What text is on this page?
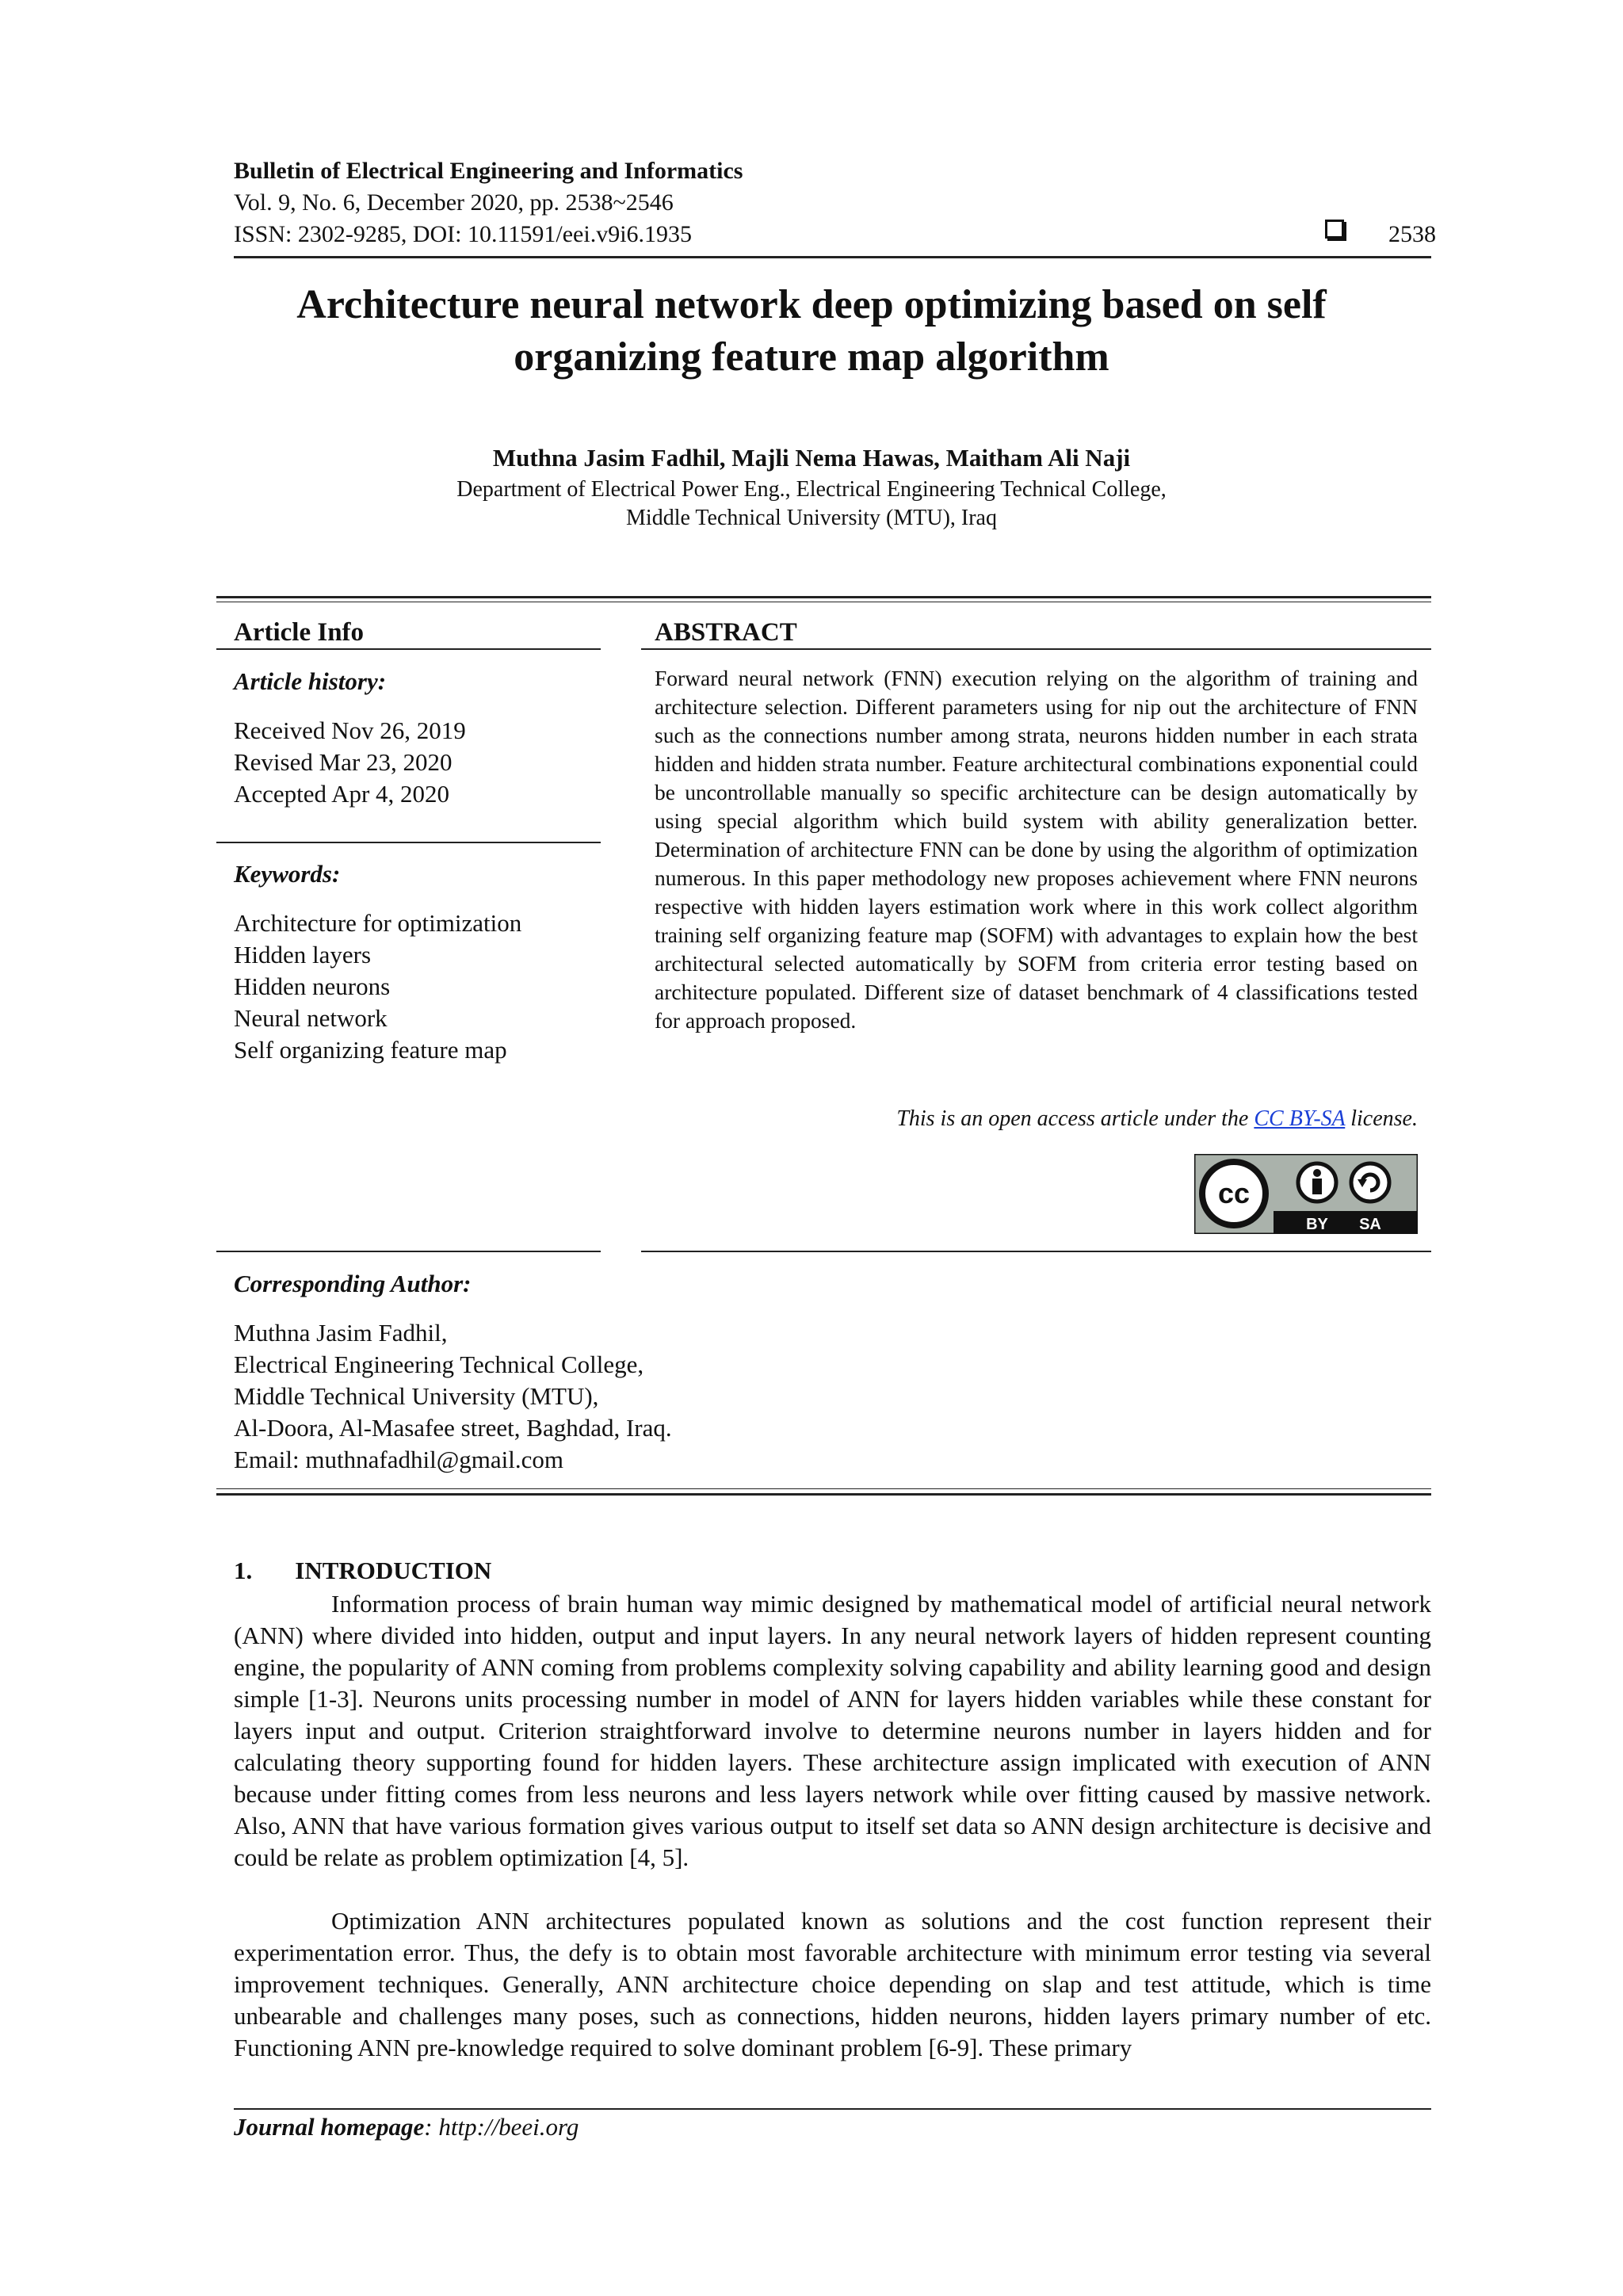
Bulletin of Electrical Engineering and Informatics
Vol. 9, No. 6, December 2020, pp. 2538~2546
ISSN: 2302-9285, DOI: 10.11591/eei.v9i6.1935	2538
Architecture neural network deep optimizing based on self
organizing feature map algorithm
Muthna Jasim Fadhil, Majli Nema Hawas, Maitham Ali Naji
Department of Electrical Power Eng., Electrical Engineering Technical College,
Middle Technical University (MTU), Iraq
Article Info
Article history:
Received Nov 26, 2019
Revised Mar 23, 2020
Accepted Apr 4, 2020
Keywords:
Architecture for optimization
Hidden layers
Hidden neurons
Neural network
Self organizing feature map
ABSTRACT
Forward neural network (FNN) execution relying on the algorithm of training and architecture selection. Different parameters using for nip out the architecture of FNN such as the connections number among strata, neurons hidden number in each strata hidden and hidden strata number. Feature architectural combinations exponential could be uncontrollable manually so specific architecture can be design automatically by using special algorithm which build system with ability generalization better. Determination of architecture FNN can be done by using the algorithm of optimization numerous. In this paper methodology new proposes achievement where FNN neurons respective with hidden layers estimation work where in this work collect algorithm training self organizing feature map (SOFM) with advantages to explain how the best architectural selected automatically by SOFM from criteria error testing based on architecture populated. Different size of dataset benchmark of 4 classifications tested for approach proposed.
This is an open access article under the CC BY-SA license.
cc
BY SA
Corresponding Author:
Muthna Jasim Fadhil,
Electrical Engineering Technical College,
Middle Technical University (MTU),
Al-Doora, Al-Masafee street, Baghdad, Iraq.
Email: muthnafadhil@gmail.com
1. INTRODUCTION
Information process of brain human way mimic designed by mathematical model of artificial neural network (ANN) where divided into hidden, output and input layers. In any neural network layers of hidden represent counting engine, the popularity of ANN coming from problems complexity solving capability and ability learning good and design simple [1-3]. Neurons units processing number in model of ANN for layers hidden variables while these constant for layers input and output. Criterion straightforward involve to determine neurons number in layers hidden and for calculating theory supporting found for hidden layers. These architecture assign implicated with execution of ANN because under fitting comes from less neurons and less layers network while over fitting caused by massive network. Also, ANN that have various formation gives various output to itself set data so ANN design architecture is decisive and could be relate as problem optimization [4, 5].
Optimization ANN architectures populated known as solutions and the cost function represent their experimentation error. Thus, the defy is to obtain most favorable architecture with minimum error testing via several improvement techniques. Generally, ANN architecture choice depending on slap and test attitude, which is time unbearable and challenges many poses, such as connections, hidden neurons, hidden layers primary number of etc. Functioning ANN pre-knowledge required to solve dominant problem [6-9]. These primary
Journal homepage: http://beei.org
